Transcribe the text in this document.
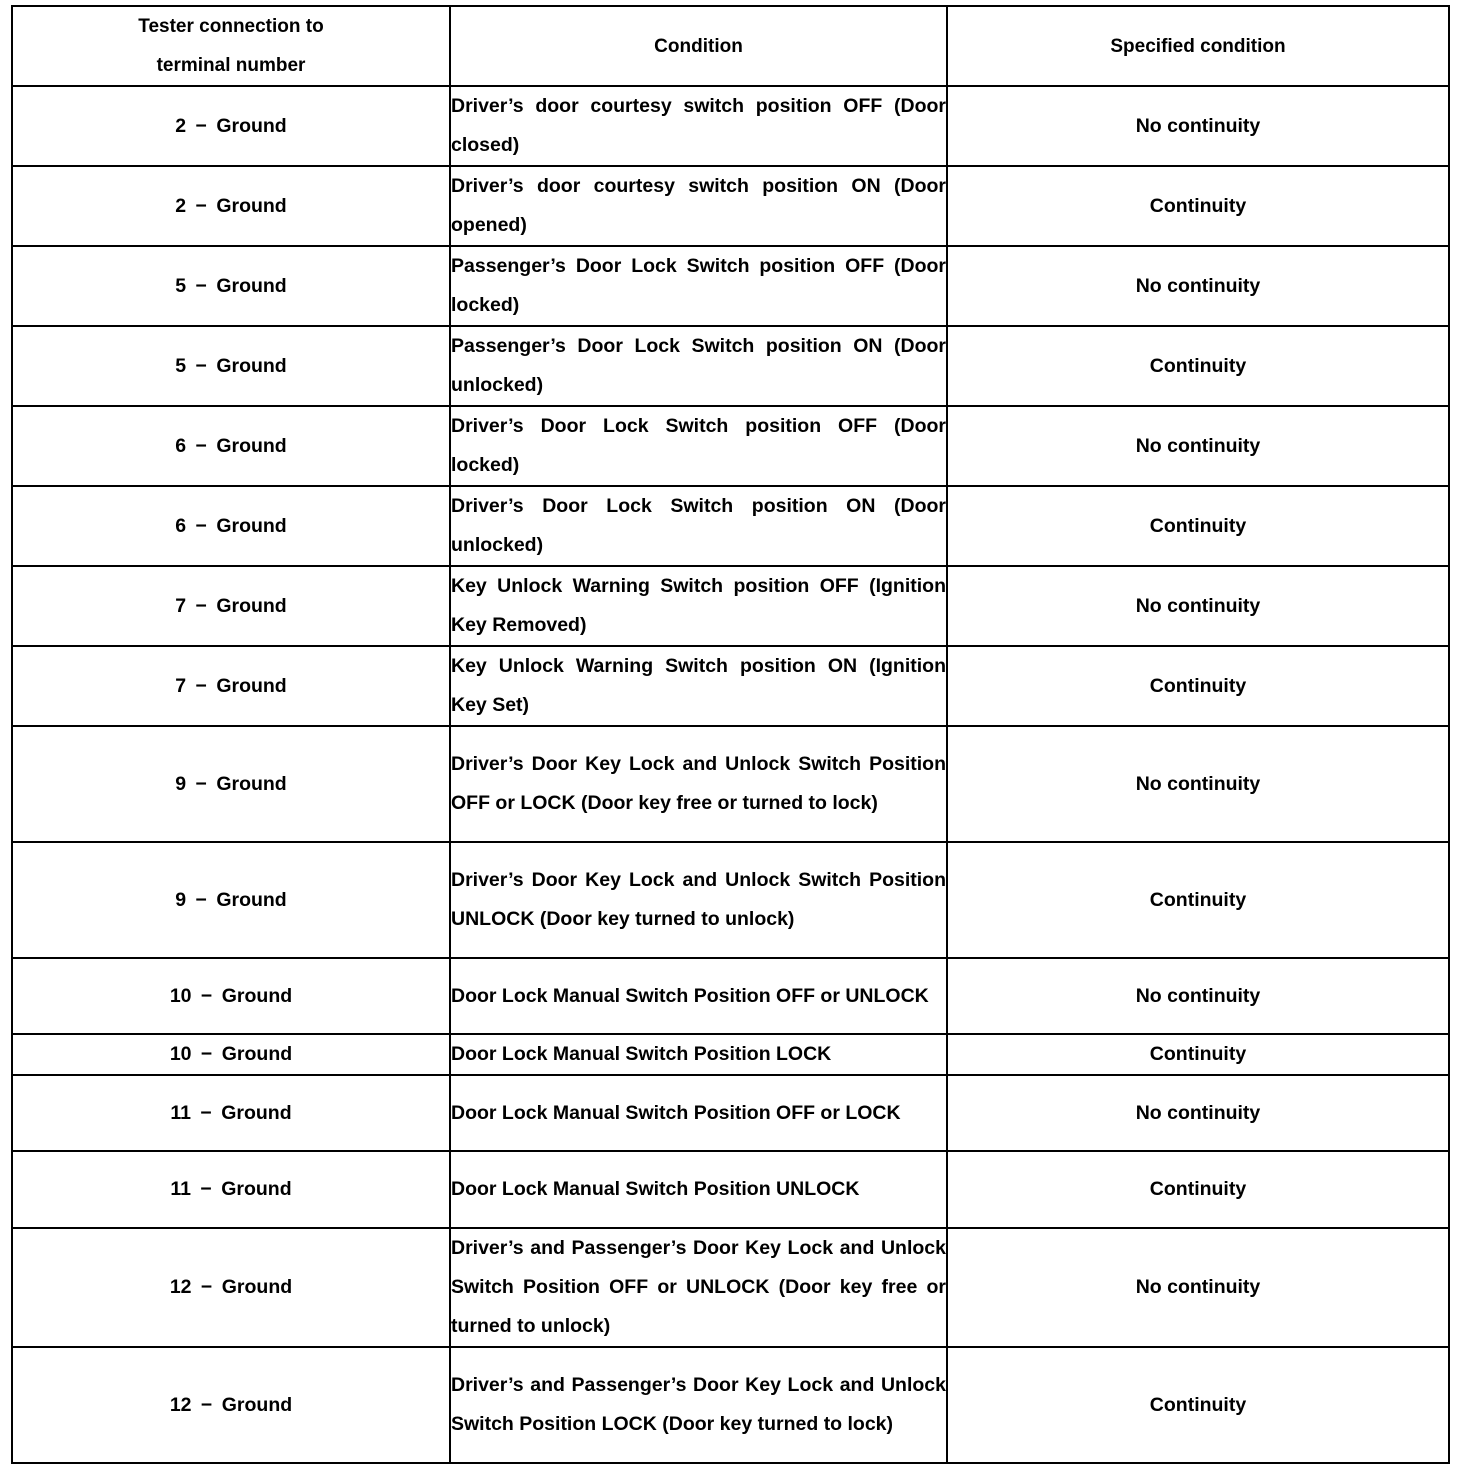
Tester connection to
terminal number	Condition	Specified condition
2 − Ground	Driver’s door courtesy switch position OFF (Door closed)	No continuity
2 − Ground	Driver’s door courtesy switch position ON (Door opened)	Continuity
5 − Ground	Passenger’s Door Lock Switch position OFF (Door locked)	No continuity
5 − Ground	Passenger’s Door Lock Switch position ON (Door unlocked)	Continuity
6 − Ground	Driver’s Door Lock Switch position OFF (Door locked)	No continuity
6 − Ground	Driver’s Door Lock Switch position ON (Door unlocked)	Continuity
7 − Ground	Key Unlock Warning Switch position OFF (Ignition Key Removed)	No continuity
7 − Ground	Key Unlock Warning Switch position ON (Ignition Key Set)	Continuity
9 − Ground	Driver’s Door Key Lock and Unlock Switch Position OFF or LOCK (Door key free or turned to lock)	No continuity
9 − Ground	Driver’s Door Key Lock and Unlock Switch Position UNLOCK (Door key turned to unlock)	Continuity
10 − Ground	Door Lock Manual Switch Position OFF or UNLOCK	No continuity
10 − Ground	Door Lock Manual Switch Position LOCK	Continuity
11 − Ground	Door Lock Manual Switch Position OFF or LOCK	No continuity
11 − Ground	Door Lock Manual Switch Position UNLOCK	Continuity
12 − Ground	Driver’s and Passenger’s Door Key Lock and Unlock Switch Position OFF or UNLOCK (Door key free or turned to unlock)	No continuity
12 − Ground	Driver’s and Passenger’s Door Key Lock and Unlock Switch Position LOCK (Door key turned to lock)	Continuity
